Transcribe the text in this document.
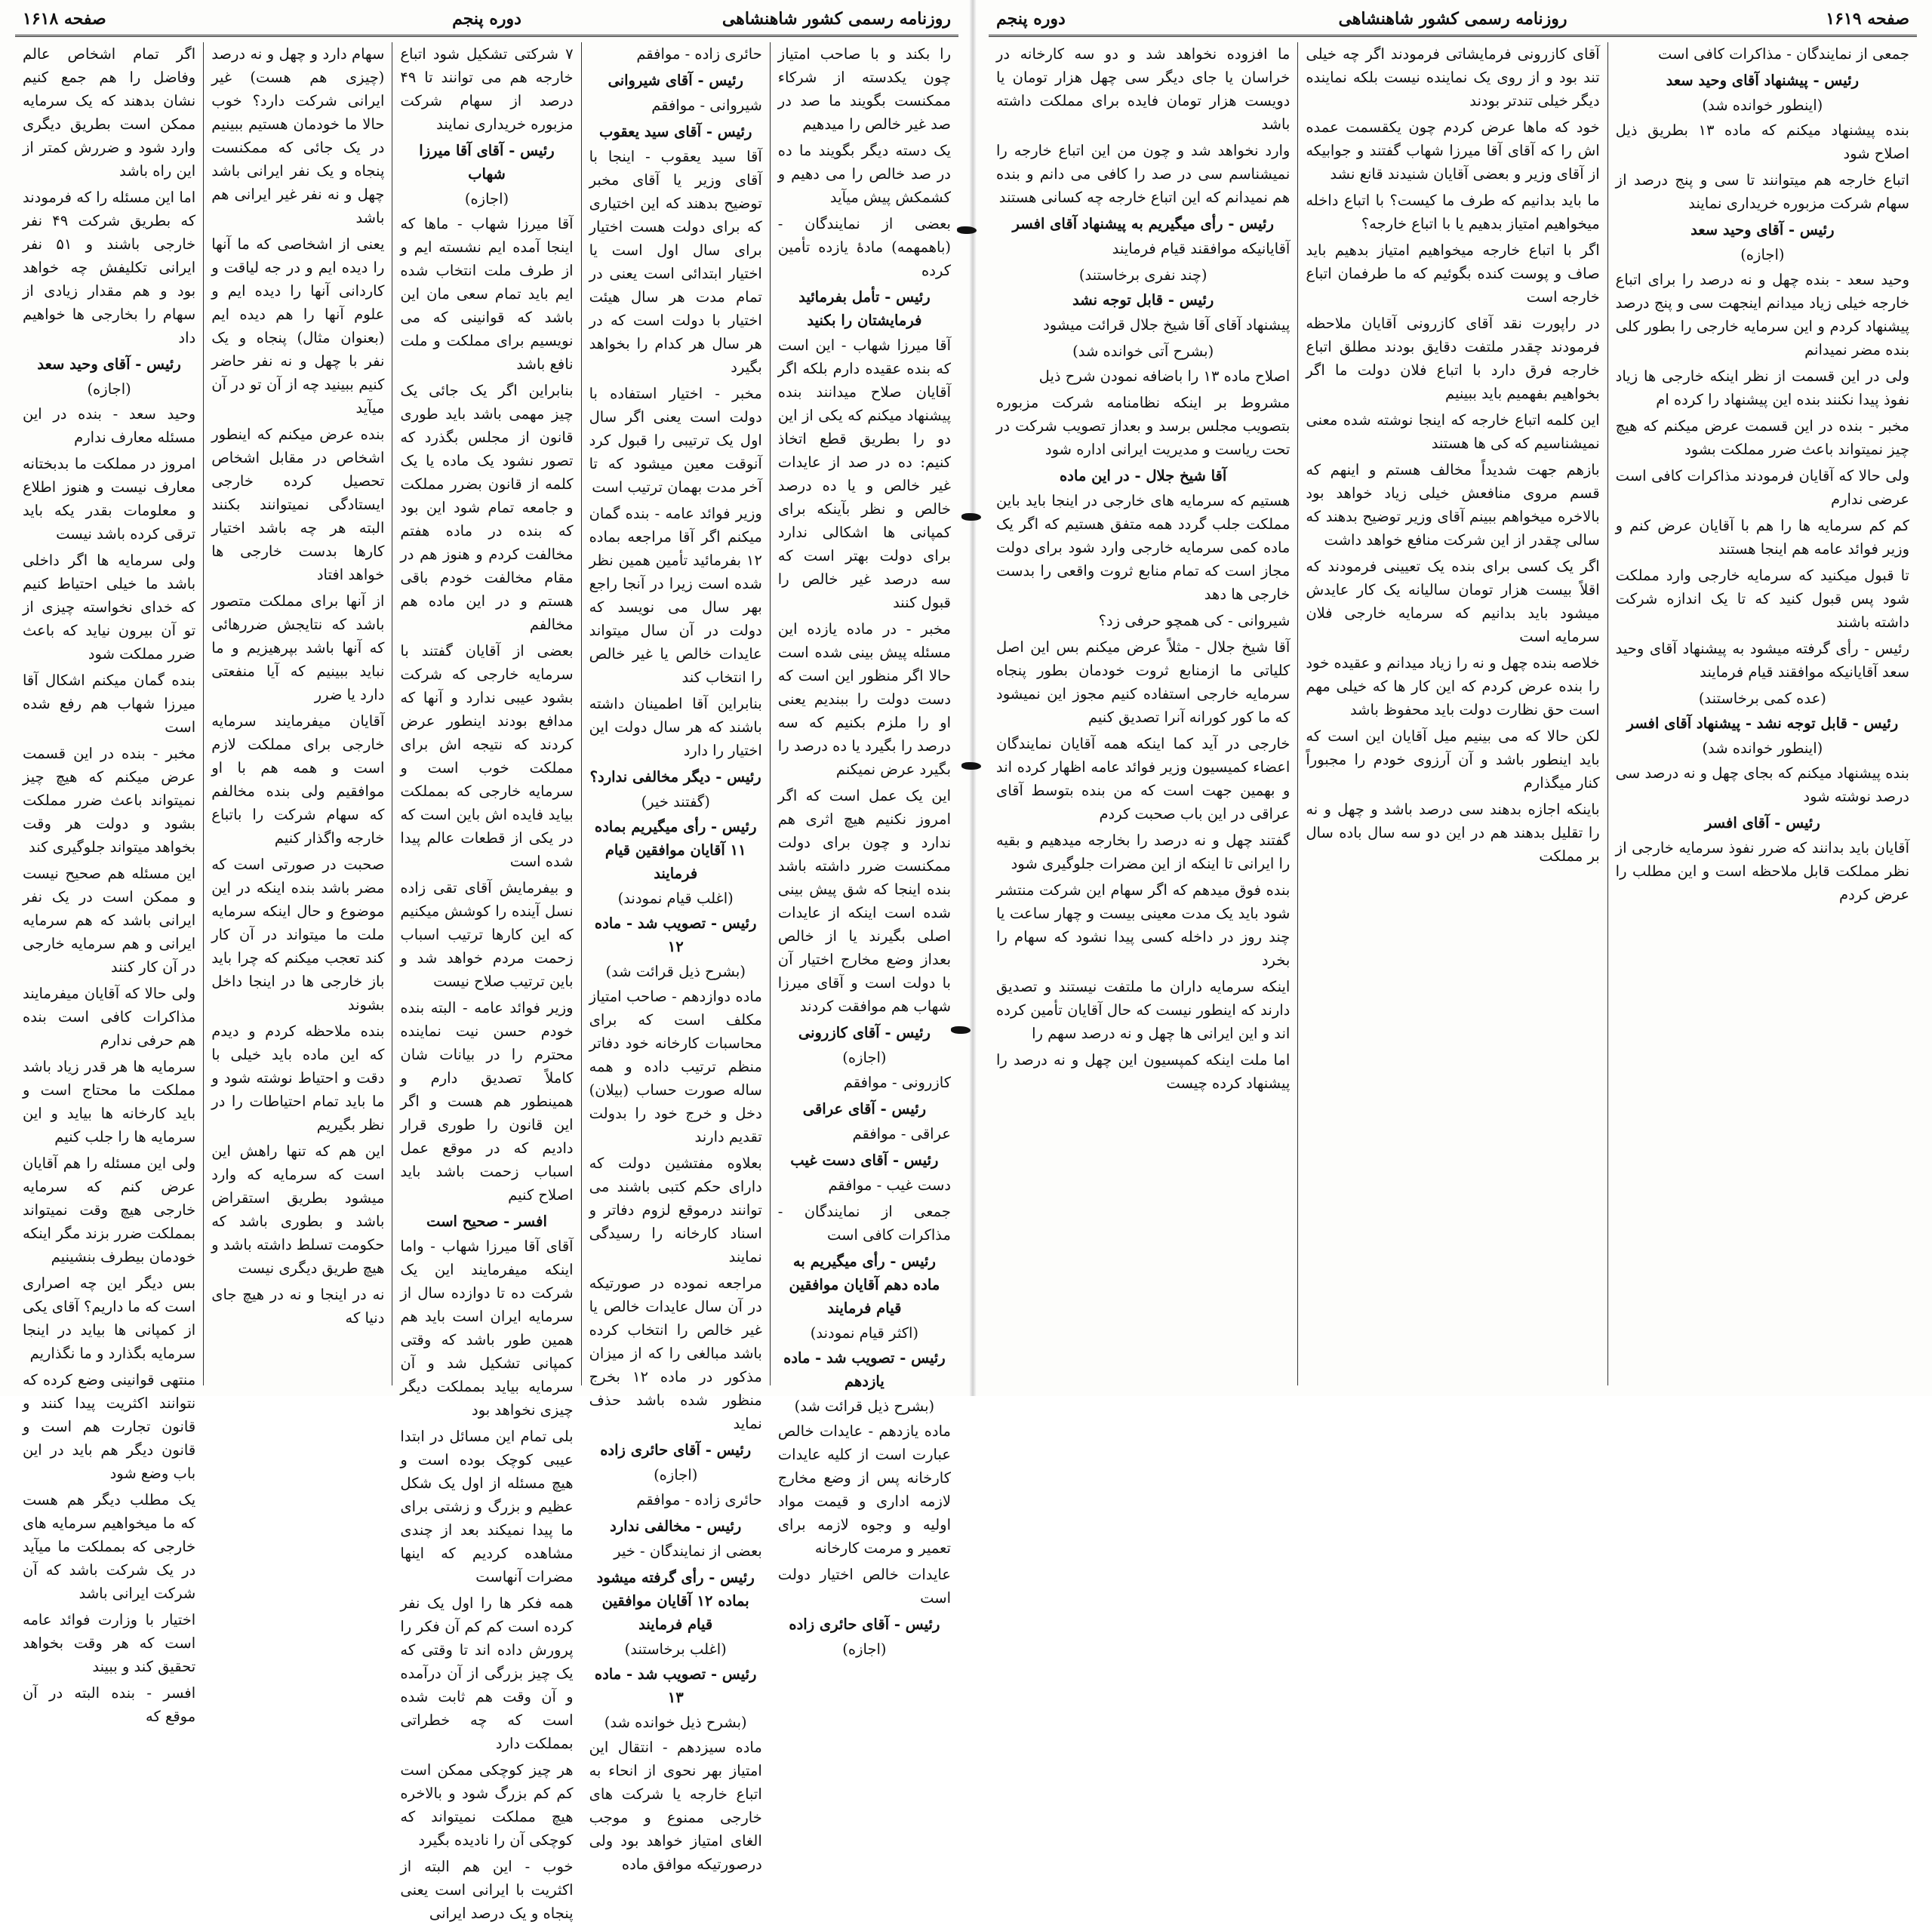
روزنامه رسمی کشور شاهنشاهی
دوره پنجم
صفحه ۱۶۱۸
را بکند و با صاحب امتیاز چون یکدسته از شرکاء ممکنست بگویند ما صد در صد غیر خالص را میدهیم
یک دسته دیگر بگویند ما ده در صد خالص را می دهیم و کشمکش پیش میآید
بعضی از نمایندگان - (باهمهمه) مادهٔ یازده تأمین کرده
رئیس - تأمل بفرمائید فرمایشتان را بکنید
آقا میرزا شهاب - این است که بنده عقیده دارم بلکه اگر آقایان صلاح میدانند بنده پیشنهاد میکنم که یکی از این دو را بطریق قطع اتخاذ کنیم: ده در صد از عایدات غیر خالص و یا ده درصد خالص و نظر بآینکه برای کمپانی ها اشکالی ندارد برای دولت بهتر است که سه درصد غیر خالص را قبول کنند
مخبر - در ماده یازده این مسئله پیش بینی شده است حالا اگر منظور این است که دست دولت را ببندیم یعنی او را ملزم بکنیم که سه درصد را بگیرد یا ده درصد را بگیرد عرض نمیکنم
این یک عمل است که اگر امروز نکنیم هیچ اثری هم ندارد و چون برای دولت ممکنست ضرر داشته باشد بنده اینجا که شق پیش بینی شده است اینکه از عایدات اصلی بگیرند یا از خالص بعداز وضع مخارج اختیار آن با دولت است و آقای میرزا شهاب هم موافقت کردند
رئیس - آقای کازرونی
(اجازه)
کازرونی - موافقم
رئیس - آقای عراقی
عراقی - موافقم
رئیس - آقای دست غیب
دست غیب - موافقم
جمعی از نمایندگان - مذاکرات کافی است
رئیس - رأی میگیریم به ماده دهم آقایان موافقین قیام فرمایند
(اکثر قیام نمودند)
رئیس - تصویب شد - ماده یازدهم
(بشرح ذیل قرائت شد)
ماده یازدهم - عایدات خالص عبارت است از کلیه عایدات کارخانه پس از وضع مخارج لازمه اداری و قیمت مواد اولیه و وجوه لازمه برای تعمیر و مرمت کارخانه
عایدات خالص اختیار دولت است
رئیس - آقای حائری زاده
(اجازه)
حائری زاده - موافقم
رئیس - آقای شیروانی
شیروانی - موافقم
رئیس - آقای سید یعقوب
آقا سید یعقوب - اینجا با آقای وزیر یا آقای مخبر توضیح بدهند که این اختیاری که برای دولت هست اختیار برای سال اول است یا اختیار ابتدائی است یعنی در تمام مدت هر سال هیئت اختیار با دولت است که در هر سال هر کدام را بخواهد بگیرد
مخبر - اختیار استفاده با دولت است یعنی اگر سال اول یک ترتیبی را قبول کرد آنوقت معین میشود که تا آخر مدت بهمان ترتیب است
وزیر فوائد عامه - بنده گمان میکنم اگر آقا مراجعه بماده ۱۲ بفرمائید تأمین همین نظر شده است زیرا در آنجا راجع بهر سال می نویسد که دولت در آن سال میتواند عایدات خالص یا غیر خالص را انتخاب کند
بنابراین آقا اطمینان داشته باشند که هر سال دولت این اختیار را دارد
رئیس - دیگر مخالفی ندارد؟
(گفتند خیر)
رئیس - رأی میگیریم بماده ۱۱ آقایان موافقین قیام فرمایند
(اغلب قیام نمودند)
رئیس - تصویب شد - ماده ۱۲
(بشرح ذیل قرائت شد)
ماده دوازدهم - صاحب امتیاز مکلف است که برای محاسبات کارخانه خود دفاتر منظم ترتیب داده و همه ساله صورت حساب (بیلان) دخل و خرج خود را بدولت تقدیم دارند
بعلاوه مفتشین دولت که دارای حکم کتبی باشند می توانند درموقع لزوم دفاتر و اسناد کارخانه را رسیدگی نمایند
مراجعه نموده در صورتیکه در آن سال عایدات خالص یا غیر خالص را انتخاب کرده باشد مبالغی را که از میزان مذکور در ماده ۱۲ بخرج منظور شده باشد حذف نماید
رئیس - آقای حائری زاده
(اجازه)
حائری زاده - موافقم
رئیس - مخالفی ندارد
بعضی از نمایندگان - خیر
رئیس - رأی گرفته میشود بماده ۱۲ آقایان موافقین قیام فرمایند
(اغلب برخاستند)
رئیس - تصویب شد - ماده ۱۳
(بشرح ذیل خوانده شد)
ماده سیزدهم - انتقال این امتیاز بهر نحوی از انحاء به اتباع خارجه یا شرکت های خارجی ممنوع و موجب الغای امتیاز خواهد بود ولی درصورتیکه موافق ماده
۷ شرکتی تشکیل شود اتباع خارجه هم می توانند تا ۴۹ درصد از سهام شرکت مزبوره خریداری نمایند
رئیس - آقای آقا میرزا شهاب
(اجازه)
آقا میرزا شهاب - ماها که اینجا آمده ایم نشسته ایم و از طرف ملت انتخاب شده ایم باید تمام سعی مان این باشد که قوانینی که می نویسیم برای مملکت و ملت نافع باشد
بنابراین اگر یک جائی یک چیز مهمی باشد باید طوری قانون از مجلس بگذرد که تصور نشود یک ماده یا یک کلمه از قانون بضرر مملکت و جامعه تمام شود این بود که بنده در ماده هفتم مخالفت کردم و هنوز هم در مقام مخالفت خودم باقی هستم و در این ماده هم مخالفم
بعضی از آقایان گفتند با سرمایه خارجی که شرکت بشود عیبی ندارد و آنها که مدافع بودند اینطور عرض کردند که نتیجه اش برای مملکت خوب است و سرمایه خارجی که بمملکت بیاید فایده اش باین است که در یکی از قطعات عالم پیدا شده است
و بیفرمایش آقای تقی زاده نسل آینده را کوشش میکنیم که این کارها ترتیب اسباب زحمت مردم خواهد شد و باین ترتیب صلاح نیست
وزیر فوائد عامه - البته بنده خودم حسن نیت نماینده محترم را در بیانات شان کاملاً تصدیق دارم و همینطور هم هست و اگر این قانون را طوری قرار دادیم که در موقع عمل اسباب زحمت باشد باید اصلاح کنیم
افسر - صحیح است
آقای آقا میرزا شهاب - واما اینکه میفرمایند این یک شرکت ده تا دوازده سال از سرمایه ایران است باید هم همین طور باشد که وقتی کمپانی تشکیل شد و آن سرمایه بیاید بمملکت دیگر چیزی نخواهد بود
بلی تمام این مسائل در ابتدا عیبی کوچک بوده است و هیچ مسئله از اول یک شکل عظیم و بزرگ و زشتی برای ما پیدا نمیکند بعد از چندی مشاهده کردیم که اینها مضرات آنهاست
همه فکر ها را اول یک نفر کرده است کم کم آن فکر را پرورش داده اند تا وقتی که یک چیز بزرگی از آن درآمده و آن وقت هم ثابت شده است که چه خطراتی بمملکت دارد
هر چیز کوچکی ممکن است کم کم بزرگ شود و بالاخره هیچ مملکت نمیتواند که کوچکی آن را نادیده بگیرد
خوب - این هم البته از اکثریت با ایرانی است یعنی پنجاه و یک درصد ایرانی
سهام دارد و چهل و نه درصد (چیزی هم هست) غیر ایرانی شرکت دارد؟ خوب حالا ما خودمان هستیم ببینیم در یک جائی که ممکنست پنجاه و یک نفر ایرانی باشد چهل و نه نفر غیر ایرانی هم باشد
یعنی از اشخاصی که ما آنها را دیده ایم و در جه لیاقت و کاردانی آنها را دیده ایم و علوم آنها را هم دیده ایم (بعنوان مثال) پنجاه و یک نفر با چهل و نه نفر حاضر کنیم ببینید چه از آن تو در آن میآید
بنده عرض میکنم که اینطور اشخاص در مقابل اشخاص تحصیل کرده خارجی ایستادگی نمیتوانند بکنند البته هر چه باشد اختیار کارها بدست خارجی ها خواهد افتاد
از آنها برای مملکت متصور باشد که نتایجش ضررهائی که آنها باشد بپرهیزیم و ما نباید ببینیم که آیا منفعتی دارد یا ضرر
آقایان میفرمایند سرمایه خارجی برای مملکت لازم است و همه هم با او موافقیم ولی بنده مخالفم که سهام شرکت را باتباع خارجه واگذار کنیم
صحبت در صورتی است که مضر باشد بنده اینکه در این موضوع و حال اینکه سرمایه ملت ما میتواند در آن کار کند تعجب میکنم که چرا باید باز خارجی ها در اینجا داخل بشوند
بنده ملاحظه کردم و دیدم که این ماده باید خیلی با دقت و احتیاط نوشته شود و ما باید تمام احتیاطات را در نظر بگیریم
این هم که تنها راهش این است که سرمایه که وارد میشود بطریق استقراض باشد و بطوری باشد که حکومت تسلط داشته باشد و هیچ طریق دیگری نیست
نه در اینجا و نه در هیچ جای دنیا که
اگر تمام اشخاص عالم وفاضل را هم جمع کنیم نشان بدهند که یک سرمایه ممکن است بطریق دیگری وارد شود و ضررش کمتر از این راه باشد
اما این مسئله را که فرمودند که بطریق شرکت ۴۹ نفر خارجی باشند و ۵۱ نفر ایرانی تکلیفش چه خواهد بود و هم مقدار زیادی از سهام را بخارجی ها خواهیم داد
رئیس - آقای وحید سعد
(اجازه)
وحید سعد - بنده در این مسئله معارف ندارم
امروز در مملکت ما بدبختانه معارف نیست و هنوز اطلاع و معلومات بقدر یکه باید ترقی کرده باشد نیست
ولی سرمایه ها اگر داخلی باشد ما خیلی احتیاط کنیم که خدای نخواسته چیزی از تو آن بیرون نیاید که باعث ضرر مملکت شود
بنده گمان میکنم اشکال آقا میرزا شهاب هم رفع شده است
مخبر - بنده در این قسمت عرض میکنم که هیچ چیز نمیتواند باعث ضرر مملکت بشود و دولت هر وقت بخواهد میتواند جلوگیری کند
این مسئله هم صحیح نیست و ممکن است در یک نفر ایرانی باشد که هم سرمایه ایرانی و هم سرمایه خارجی در آن کار کنند
ولی حالا که آقایان میفرمایند مذاکرات کافی است بنده هم حرفی ندارم
سرمایه ها هر قدر زیاد باشد مملکت ما محتاج است و باید کارخانه ها بیاید و این سرمایه ها را جلب کنیم
ولی این مسئله را هم آقایان عرض کنم که سرمایه خارجی هیچ وقت نمیتواند بمملکت ضرر بزند مگر اینکه خودمان بیطرف بنشینیم
بس دیگر این چه اصراری است که ما داریم؟ آقای یکی از کمپانی ها بیاید در اینجا سرمایه بگذارد و ما نگذاریم
منتهی قوانینی وضع کرده که نتوانند اکثریت پیدا کنند و قانون تجارت هم است و قانون دیگر هم باید در این باب وضع شود
یک مطلب دیگر هم هست که ما میخواهیم سرمایه های خارجی که بمملکت ما میآید در یک شرکت باشد که آن شرکت ایرانی باشد
اختیار با وزارت فوائد عامه است که هر وقت بخواهد تحقیق کند و ببیند
افسر - بنده البته در آن موقع که
صفحه ۱۶۱۹
روزنامه رسمی کشور شاهنشاهی
دوره پنجم
جمعی از نمایندگان - مذاکرات کافی است
رئیس - پیشنهاد آقای وحید سعد
(اینطور خوانده شد)
بنده پیشنهاد میکنم که ماده ۱۳ بطریق ذیل اصلاح شود
اتباع خارجه هم میتوانند تا سی و پنج درصد از سهام شرکت مزبوره خریداری نمایند
رئیس - آقای وحید سعد
(اجازه)
وحید سعد - بنده چهل و نه درصد را برای اتباع خارجه خیلی زیاد میدانم اینجهت سی و پنج درصد پیشنهاد کردم و این سرمایه خارجی را بطور کلی بنده مضر نمیدانم
ولی در این قسمت از نظر اینکه خارجی ها زیاد نفوذ پیدا نکنند بنده این پیشنهاد را کرده ام
مخبر - بنده در این قسمت عرض میکنم که هیچ چیز نمیتواند باعث ضرر مملکت بشود
ولی حالا که آقایان فرمودند مذاکرات کافی است عرضی ندارم
کم کم سرمایه ها را هم با آقایان عرض کنم و وزیر فوائد عامه هم اینجا هستند
تا قبول میکنید که سرمایه خارجی وارد مملکت شود پس قبول کنید که تا یک اندازه شرکت داشته باشند
رئیس - رأی گرفته میشود به پیشنهاد آقای وحید سعد آقایانیکه موافقند قیام فرمایند
(عده کمی برخاستند)
رئیس - قابل توجه نشد - پیشنهاد آقای افسر
(اینطور خوانده شد)
بنده پیشنهاد میکنم که بجای چهل و نه درصد سی درصد نوشته شود
رئیس - آقای افسر
آقایان باید بدانند که ضرر نفوذ سرمایه خارجی از نظر مملکت قابل ملاحظه است و این مطلب را عرض کردم
آقای کازرونی فرمایشاتی فرمودند اگر چه خیلی تند بود و از روی یک نماینده نیست بلکه نماینده دیگر خیلی تندتر بودند
خود که ماها عرض کردم چون یکقسمت عمده اش را که آقای آقا میرزا شهاب گفتند و جوابیکه از آقای وزیر و بعضی آقایان شنیدند قانع نشد
ما باید بدانیم که طرف ما کیست؟ با اتباع داخله میخواهیم امتیاز بدهیم یا با اتباع خارجه؟
اگر با اتباع خارجه میخواهیم امتیاز بدهیم باید صاف و پوست کنده بگوئیم که ما طرفمان اتباع خارجه است
در راپورت نقد آقای کازرونی آقایان ملاحظه فرمودند چقدر ملتفت دقایق بودند مطلق اتباع خارجه فرق دارد با اتباع فلان دولت ما اگر بخواهیم بفهمیم باید ببینیم
این کلمه اتباع خارجه که اینجا نوشته شده معنی نمیشناسیم که کی ها هستند
بازهم جهت شدیداً مخالف هستم و اینهم که قسم مروی منافعش خیلی زیاد خواهد بود بالاخره میخواهم ببینم آقای وزیر توضیح بدهند که سالی چقدر از این شرکت منافع خواهد داشت
اگر یک کسی برای بنده یک تعیینی فرمودند که اقلاً بیست هزار تومان سالیانه یک کار عایدش میشود باید بدانیم که سرمایه خارجی فلان سرمایه است
خلاصه بنده چهل و نه را زیاد میدانم و عقیده خود را بنده عرض کردم که این کار ها که خیلی مهم است حق نظارت دولت باید محفوظ باشد
لکن حالا که می بینیم میل آقایان این است که باید اینطور باشد و آن آرزوی خودم را مجبوراً کنار میگذارم
باینکه اجازه بدهند سی درصد باشد و چهل و نه را تقلیل بدهند هم در این دو سه سال باده سال بر مملکت
ما افزوده نخواهد شد و دو سه کارخانه در خراسان یا جای دیگر سی چهل هزار تومان یا دویست هزار تومان فایده برای مملکت داشته باشد
وارد نخواهد شد و چون من این اتباع خارجه را نمیشناسم سی در صد را کافی می دانم و بنده هم نمیدانم که این اتباع خارجه چه کسانی هستند
رئیس - رأی میگیریم به پیشنهاد آقای افسر
آقایانیکه موافقند قیام فرمایند
(چند نفری برخاستند)
رئیس - قابل توجه نشد
پیشنهاد آقای آقا شیخ جلال قرائت میشود
(بشرح آتی خوانده شد)
اصلاح ماده ۱۳ را باضافه نمودن شرح ذیل
مشروط بر اینکه نظامنامه شرکت مزبوره بتصویب مجلس برسد و بعداز تصویب شرکت در تحت ریاست و مدیریت ایرانی اداره شود
آقا شیخ جلال - در این ماده
هستیم که سرمایه های خارجی در اینجا باید باین مملکت جلب گردد همه متفق هستیم که اگر یک ماده کمی سرمایه خارجی وارد شود برای دولت مجاز است که تمام منابع ثروت واقعی را بدست خارجی ها دهد
شیروانی - کی همچو حرفی زد؟
آقا شیخ جلال - مثلاً عرض میکنم بس این اصل کلیاتی ما ازمنابع ثروت خودمان بطور پنجاه سرمایه خارجی استفاده کنیم مجوز این نمیشود که ما کور کورانه آنرا تصدیق کنیم
خارجی در آید کما اینکه همه آقایان نمایندگان اعضاء کمیسیون وزیر فوائد عامه اظهار کرده اند و بهمین جهت است که من بنده بتوسط آقای عراقی در این باب صحبت کردم
گفتند چهل و نه درصد را بخارجه میدهیم و بقیه را ایرانی تا اینکه از این مضرات جلوگیری شود
بنده فوق میدهم که اگر سهام این شرکت منتشر شود باید یک مدت معینی بیست و چهار ساعت یا چند روز در داخله کسی پیدا نشود که سهام را بخرد
اینکه سرمایه داران ما ملتفت نیستند و تصدیق دارند که اینطور نیست که حال آقایان تأمین کرده اند و این ایرانی ها چهل و نه درصد سهم را
اما ملت اینکه کمپسیون این چهل و نه درصد را پیشنهاد کرده چیست
